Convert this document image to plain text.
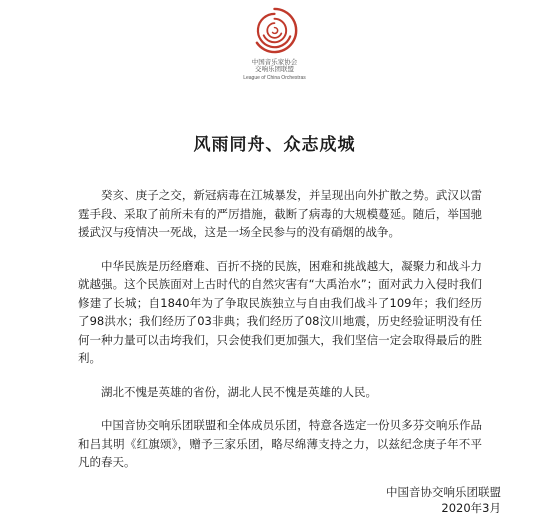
中国音乐家协会
交响乐团联盟
League of China Orchestras
风雨同舟、众志成城

癸亥、庚子之交，新冠病毒在江城暴发，并呈现出向外扩散之势。武汉以雷霆手段、采取了前所未有的严厉措施，截断了病毒的大规模蔓延。随后，举国驰援武汉与疫情决一死战，这是一场全民参与的没有硝烟的战争。

中华民族是历经磨难、百折不挠的民族，困难和挑战越大，凝聚力和战斗力就越强。这个民族面对上古时代的自然灾害有“大禹治水”；面对武力入侵时我们修建了长城；自1840年为了争取民族独立与自由我们战斗了109年；我们经历了98洪水；我们经历了03非典；我们经历了08汶川地震，历史经验证明没有任何一种力量可以击垮我们，只会使我们更加强大，我们坚信一定会取得最后的胜利。

湖北不愧是英雄的省份，湖北人民不愧是英雄的人民。

中国音协交响乐团联盟和全体成员乐团，特意各选定一份贝多芬交响乐作品和吕其明《红旗颂》，赠予三家乐团，略尽绵薄支持之力，以兹纪念庚子年不平凡的春天。

中国音协交响乐团联盟
2020年3月
